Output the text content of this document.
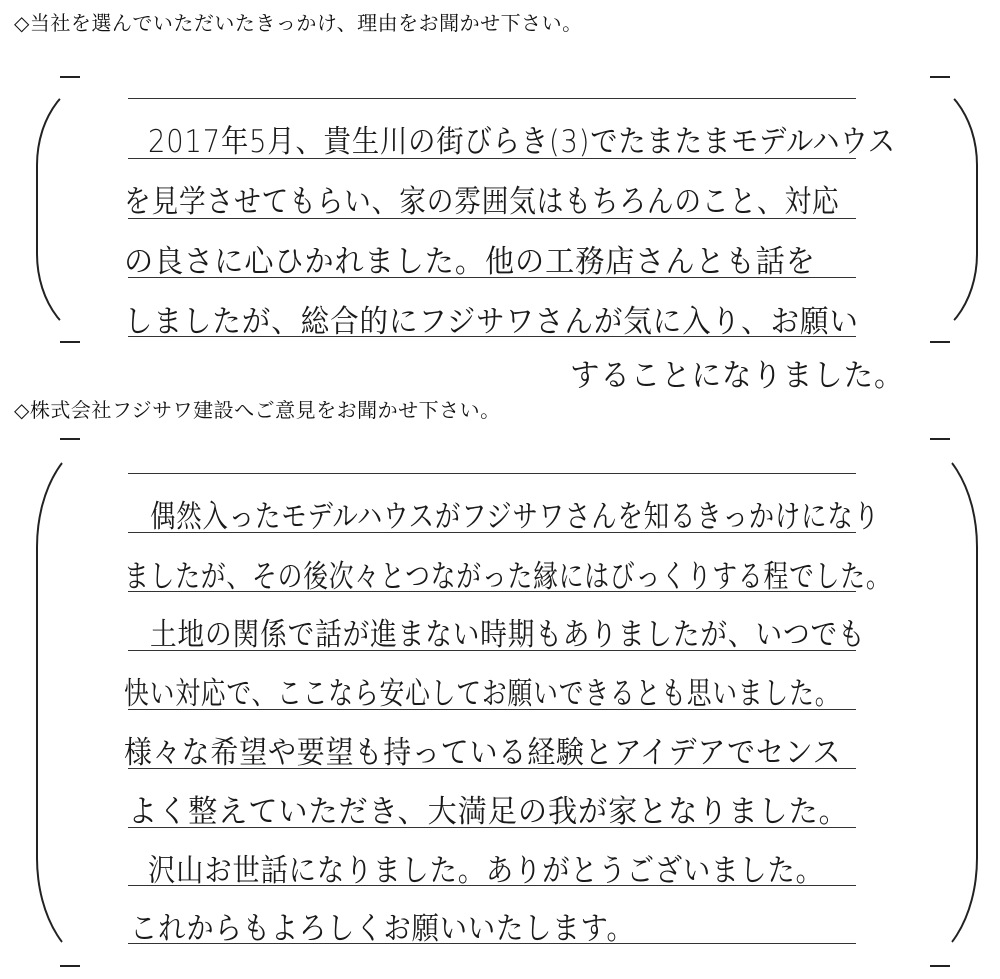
◇当社を選んでいただいたきっかけ、理由をお聞かせ下さい。
◇株式会社フジサワ建設へご意見をお聞かせ下さい。
2017年5月、貴生川の街びらき(3)でたまたまモデルハウス
を見学させてもらい、家の雰囲気はもちろんのこと、対応
の良さに心ひかれました。他の工務店さんとも話を
しましたが、総合的にフジサワさんが気に入り、お願い
することになりました。
偶然入ったモデルハウスがフジサワさんを知るきっかけになり
ましたが、その後次々とつながった縁にはびっくりする程でした。
土地の関係で話が進まない時期もありましたが、いつでも
快い対応で、ここなら安心してお願いできるとも思いました。
様々な希望や要望も持っている経験とアイデアでセンス
よく整えていただき、大満足の我が家となりました。
沢山お世話になりました。ありがとうございました。
これからもよろしくお願いいたします。
